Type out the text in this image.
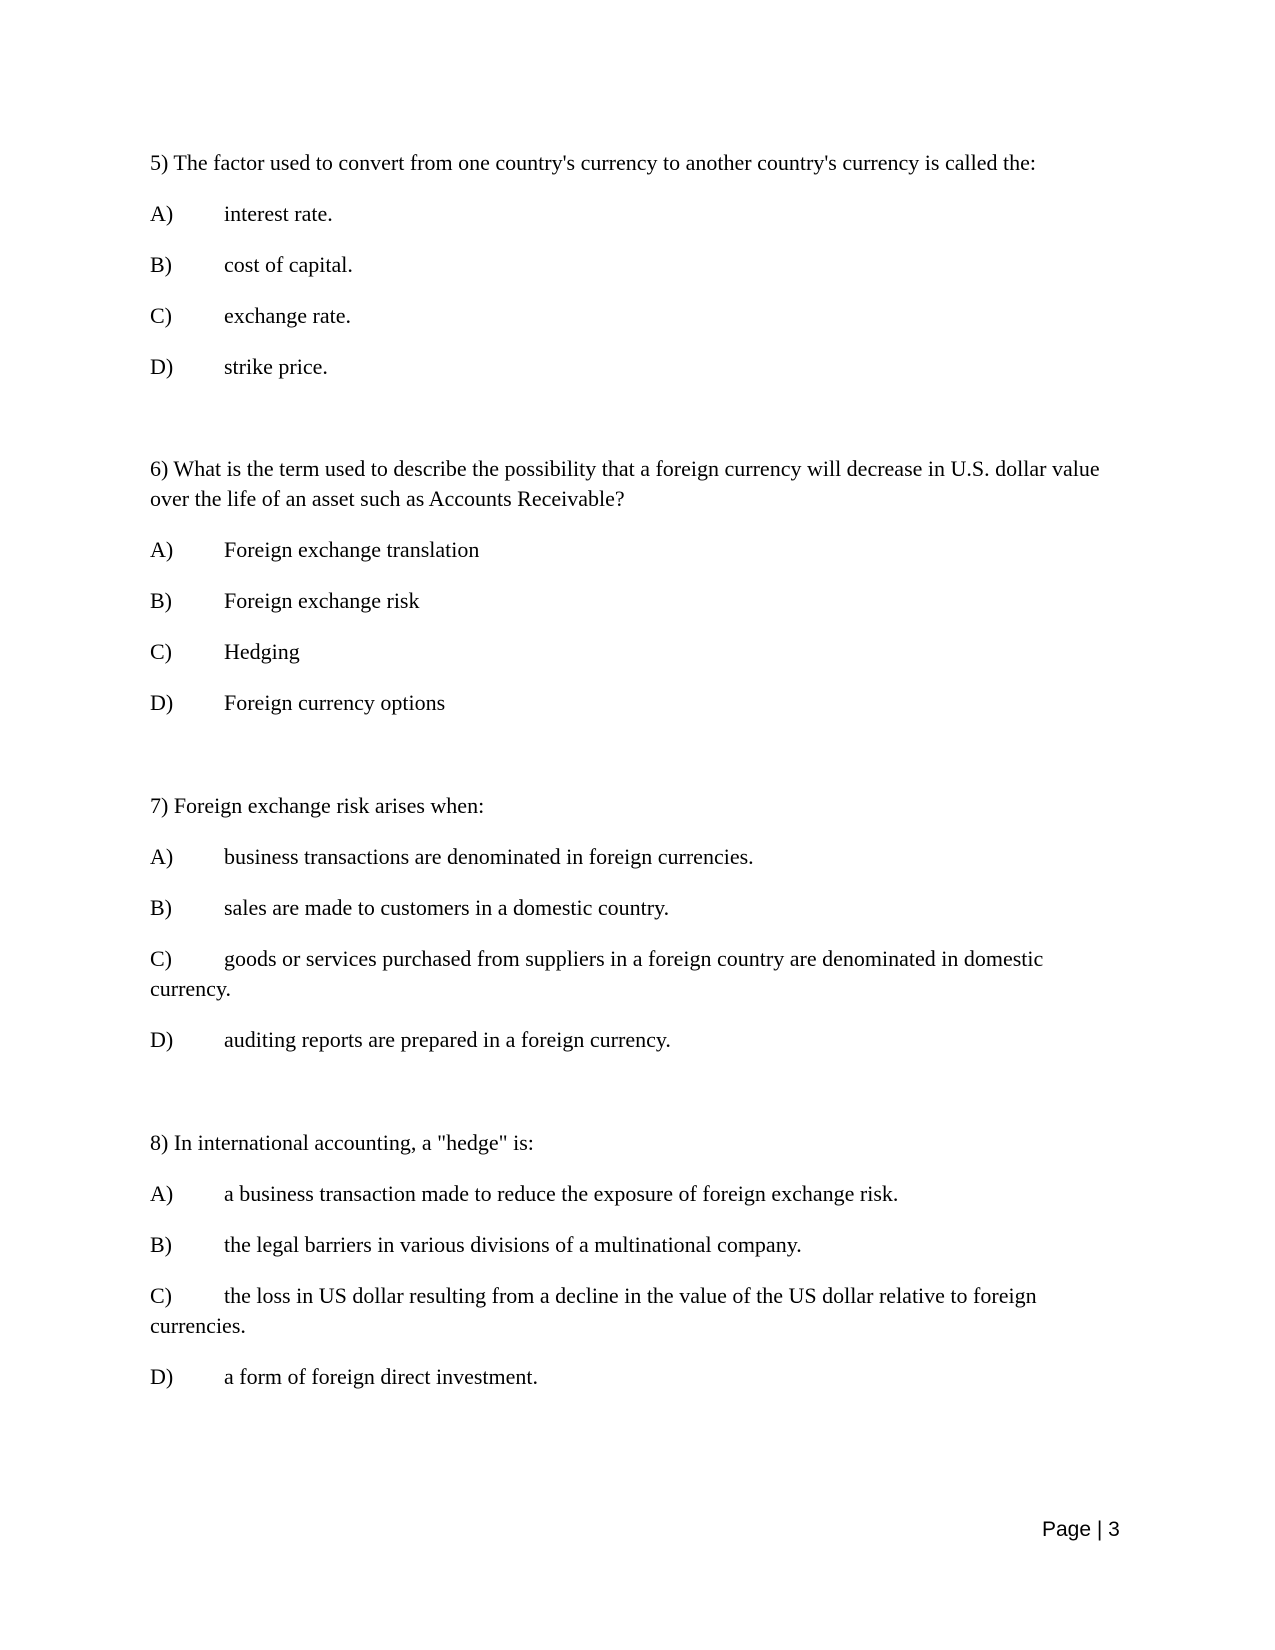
5) The factor used to convert from one country's currency to another country's currency is called the:

A) interest rate.
B) cost of capital.
C) exchange rate.
D) strike price.

6) What is the term used to describe the possibility that a foreign currency will decrease in U.S. dollar value over the life of an asset such as Accounts Receivable?

A) Foreign exchange translation
B) Foreign exchange risk
C) Hedging
D) Foreign currency options

7) Foreign exchange risk arises when:

A) business transactions are denominated in foreign currencies.
B) sales are made to customers in a domestic country.
C) goods or services purchased from suppliers in a foreign country are denominated in domestic currency.
D) auditing reports are prepared in a foreign currency.

8) In international accounting, a "hedge" is:

A) a business transaction made to reduce the exposure of foreign exchange risk.
B) the legal barriers in various divisions of a multinational company.
C) the loss in US dollar resulting from a decline in the value of the US dollar relative to foreign currencies.
D) a form of foreign direct investment.
Page | 3
